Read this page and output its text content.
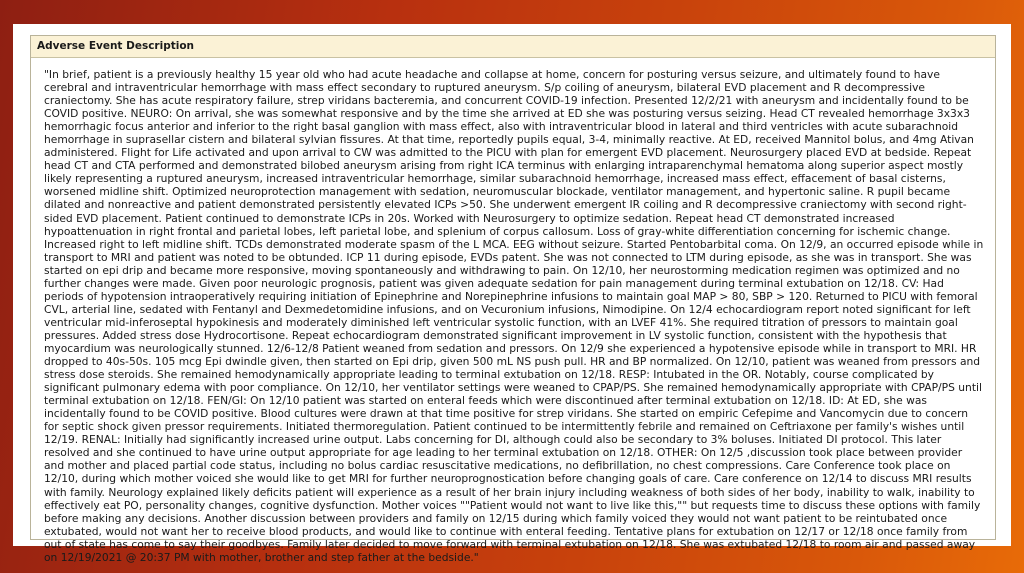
Adverse Event Description
"In brief, patient is a previously healthy 15 year old who had acute headache and collapse at home, concern for posturing versus seizure, and ultimately found to have cerebral and intraventricular hemorrhage with mass effect secondary to ruptured aneurysm. S/p coiling of aneurysm, bilateral EVD placement and R decompressive craniectomy. She has acute respiratory failure, strep viridans bacteremia, and concurrent COVID-19 infection. Presented 12/2/21 with aneurysm and incidentally found to be COVID positive. NEURO: On arrival, she was somewhat responsive and by the time she arrived at ED she was posturing versus seizing. Head CT revealed hemorrhage 3x3x3 hemorrhagic focus anterior and inferior to the right basal ganglion with mass effect, also with intraventricular blood in lateral and third ventricles with acute subarachnoid hemorrhage in suprasellar cistern and bilateral sylvian fissures. At that time, reportedly pupils equal, 3-4, minimally reactive. At ED, received Mannitol bolus, and 4mg Ativan administered. Flight for Life activated and upon arrival to CW was admitted to the PICU with plan for emergent EVD placement. Neurosurgery placed EVD at bedside. Repeat head CT and CTA performed and demonstrated bilobed aneurysm arising from right ICA terminus with enlarging intraparenchymal hematoma along superior aspect mostly likely representing a ruptured aneurysm, increased intraventricular hemorrhage, similar subarachnoid hemorrhage, increased mass effect, effacement of basal cisterns, worsened midline shift. Optimized neuroprotection management with sedation, neuromuscular blockade, ventilator management, and hypertonic saline. R pupil became dilated and nonreactive and patient demonstrated persistently elevated ICPs >50. She underwent emergent IR coiling and R decompressive craniectomy with second right-sided EVD placement. Patient continued to demonstrate ICPs in 20s. Worked with Neurosurgery to optimize sedation. Repeat head CT demonstrated increased hypoattenuation in right frontal and parietal lobes, left parietal lobe, and splenium of corpus callosum. Loss of gray-white differentiation concerning for ischemic change. Increased right to left midline shift. TCDs demonstrated moderate spasm of the L MCA. EEG without seizure. Started Pentobarbital coma. On 12/9, an occurred episode while in transport to MRI and patient was noted to be obtunded. ICP 11 during episode, EVDs patent. She was not connected to LTM during episode, as she was in transport. She was started on epi drip and became more responsive, moving spontaneously and withdrawing to pain. On 12/10, her neurostorming medication regimen was optimized and no further changes were made. Given poor neurologic prognosis, patient was given adequate sedation for pain management during terminal extubation on 12/18. CV: Had periods of hypotension intraoperatively requiring initiation of Epinephrine and Norepinephrine infusions to maintain goal MAP > 80, SBP > 120. Returned to PICU with femoral CVL, arterial line, sedated with Fentanyl and Dexmedetomidine infusions, and on Vecuronium infusions, Nimodipine. On 12/4 echocardiogram report noted significant for left ventricular mid-inferoseptal hypokinesis and moderately diminished left ventricular systolic function, with an LVEF 41%. She required titration of pressors to maintain goal pressures. Added stress dose Hydrocortisone. Repeat echocardiogram demonstrated significant improvement in LV systolic function, consistent with the hypothesis that myocardium was neurologically stunned. 12/6-12/8 Patient weaned from sedation and pressors. On 12/9 she experienced a hypotensive episode while in transport to MRI. HR dropped to 40s-50s. 105 mcg Epi dwindle given, then started on Epi drip, given 500 mL NS push pull. HR and BP normalized. On 12/10, patient was weaned from pressors and stress dose steroids. She remained hemodynamically appropriate leading to terminal extubation on 12/18. RESP: Intubated in the OR. Notably, course complicated by significant pulmonary edema with poor compliance. On 12/10, her ventilator settings were weaned to CPAP/PS. She remained hemodynamically appropriate with CPAP/PS until terminal extubation on 12/18. FEN/GI: On 12/10 patient was started on enteral feeds which were discontinued after terminal extubation on 12/18. ID: At ED, she was incidentally found to be COVID positive. Blood cultures were drawn at that time positive for strep viridans. She started on empiric Cefepime and Vancomycin due to concern for septic shock given pressor requirements. Initiated thermoregulation. Patient continued to be intermittently febrile and remained on Ceftriaxone per family's wishes until 12/19. RENAL: Initially had significantly increased urine output. Labs concerning for DI, although could also be secondary to 3% boluses. Initiated DI protocol. This later resolved and she continued to have urine output appropriate for age leading to her terminal extubation on 12/18. OTHER: On 12/5 ,discussion took place between provider and mother and placed partial code status, including no bolus cardiac resuscitative medications, no defibrillation, no chest compressions. Care Conference took place on 12/10, during which mother voiced she would like to get MRI for further neuroprognostication before changing goals of care. Care conference on 12/14 to discuss MRI results with family. Neurology explained likely deficits patient will experience as a result of her brain injury including weakness of both sides of her body, inability to walk, inability to effectively eat PO, personality changes, cognitive dysfunction. Mother voices ""Patient would not want to live like this,"" but requests time to discuss these options with family before making any decisions. Another discussion between providers and family on 12/15 during which family voiced they would not want patient to be reintubated once extubated, would not want her to receive blood products, and would like to continue with enteral feeding. Tentative plans for extubation on 12/17 or 12/18 once family from out of state has come to say their goodbyes. Family later decided to move forward with terminal extubation on 12/18. She was extubated 12/18 to room air and passed away on 12/19/2021 @ 20:37 PM with mother, brother and step father at the bedside."
